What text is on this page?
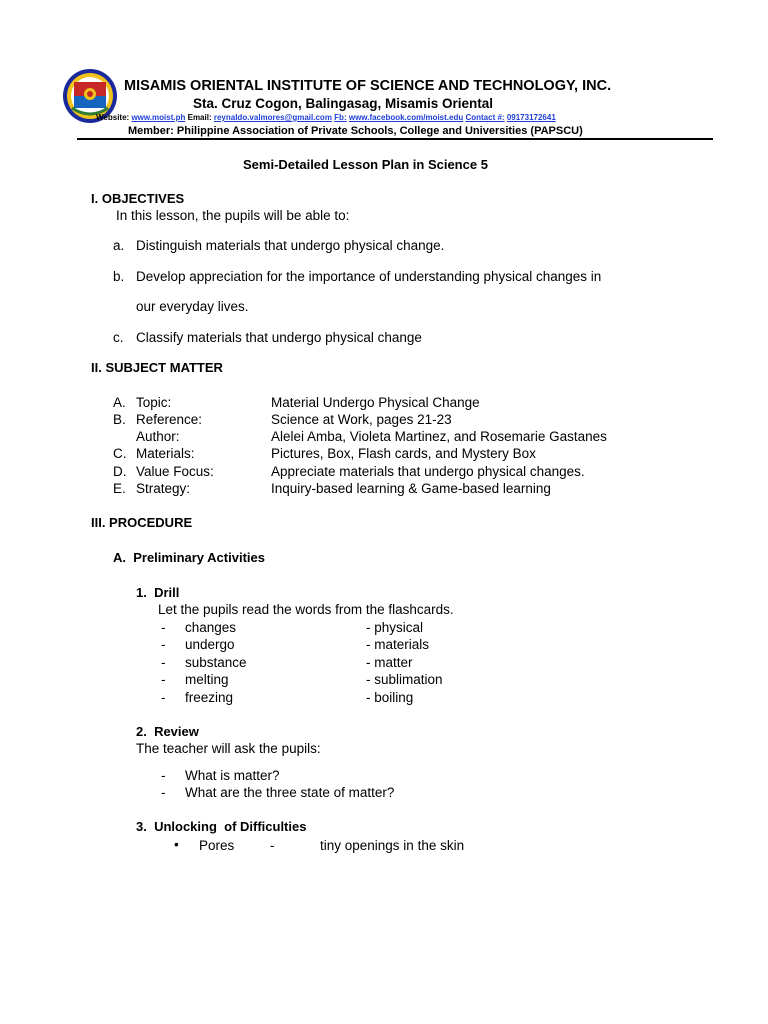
MISAMIS ORIENTAL INSTITUTE OF SCIENCE AND TECHNOLOGY, INC.
Sta. Cruz Cogon, Balingasag, Misamis Oriental
Website: www.moist.ph Email: reynaldo.valmores@gmail.com Fb: www.facebook.com/moist.edu Contact #: 09173172641
Member: Philippine Association of Private Schools, College and Universities (PAPSCU)
Semi-Detailed Lesson Plan in Science 5
I. OBJECTIVES
In this lesson, the pupils will be able to:
a. Distinguish materials that undergo physical change.
b. Develop appreciation for the importance of understanding physical changes in
our everyday lives.
c. Classify materials that undergo physical change
II. SUBJECT MATTER
A. Topic:	Material Undergo Physical Change
B. Reference:	Science at Work, pages 21-23
Author:	Alelei Amba, Violeta Martinez, and Rosemarie Gastanes
C. Materials:	Pictures, Box, Flash cards, and Mystery Box
D. Value Focus:	Appreciate materials that undergo physical changes.
E. Strategy:	Inquiry-based learning & Game-based learning
III. PROCEDURE
A.  Preliminary Activities
1.  Drill
Let the pupils read the words from the flashcards.
- changes	- physical
- undergo	- materials
- substance	- matter
- melting	- sublimation
- freezing	- boiling
2.  Review
The teacher will ask the pupils:
- What is matter?
- What are the three state of matter?
3.  Unlocking  of Difficulties
• Pores	-	tiny openings in the skin
